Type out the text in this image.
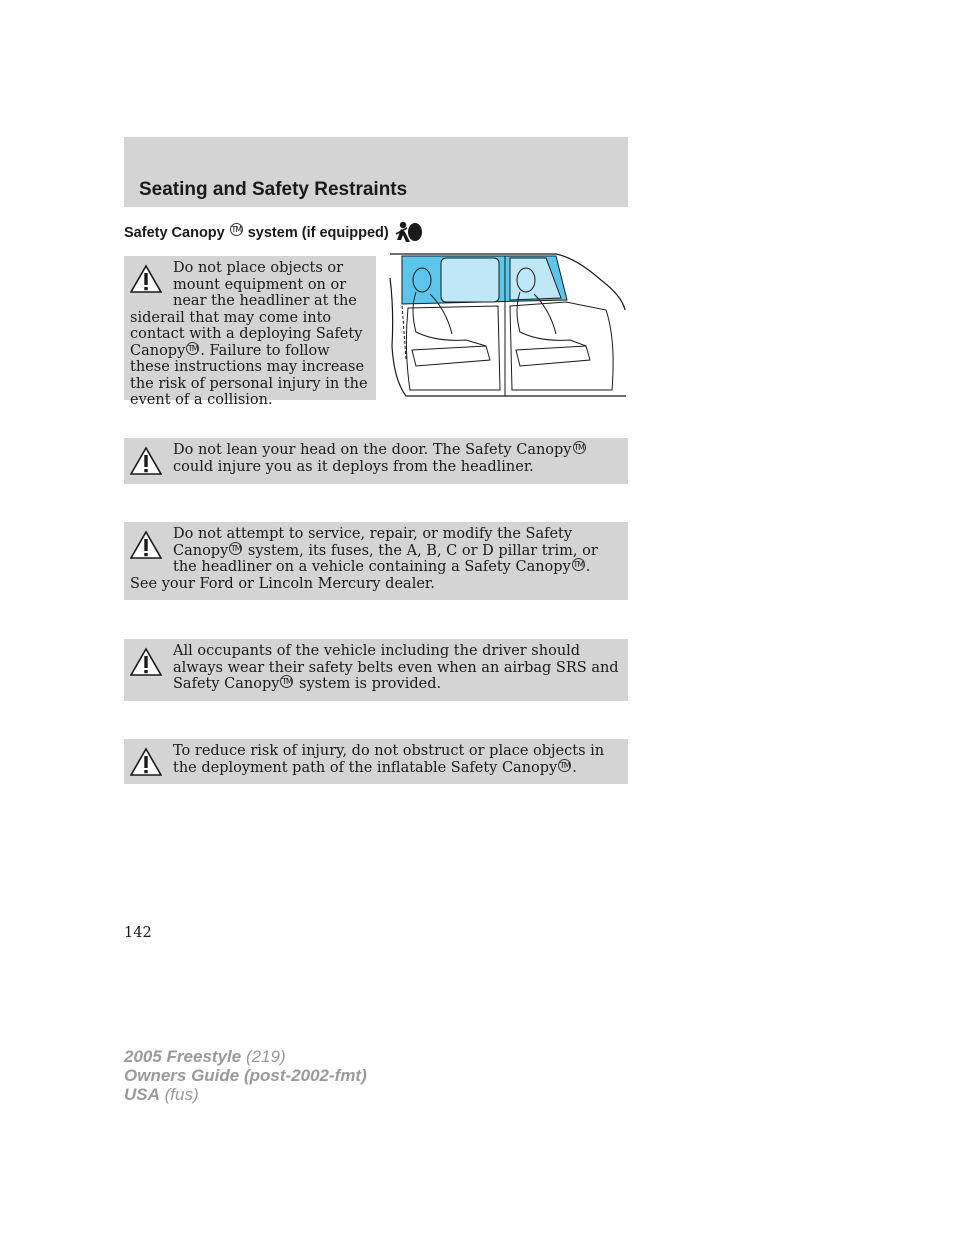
Seating and Safety Restraints
Safety Canopy TM system (if equipped)
Do not place objects or mount equipment on or near the headliner at the siderail that may come into contact with a deploying Safety Canopy TM . Failure to follow these instructions may increase the risk of personal injury in the event of a collision.
Do not lean your head on the door. The Safety Canopy TM could injure you as it deploys from the headliner.
Do not attempt to service, repair, or modify the Safety Canopy TM system, its fuses, the A, B, C or D pillar trim, or the headliner on a vehicle containing a Safety Canopy TM . See your Ford or Lincoln Mercury dealer.
All occupants of the vehicle including the driver should always wear their safety belts even when an airbag SRS and Safety Canopy TM system is provided.
To reduce risk of injury, do not obstruct or place objects in the deployment path of the inflatable Safety Canopy TM .
142
2005 Freestyle (219)
Owners Guide (post-2002-fmt)
USA (fus)
